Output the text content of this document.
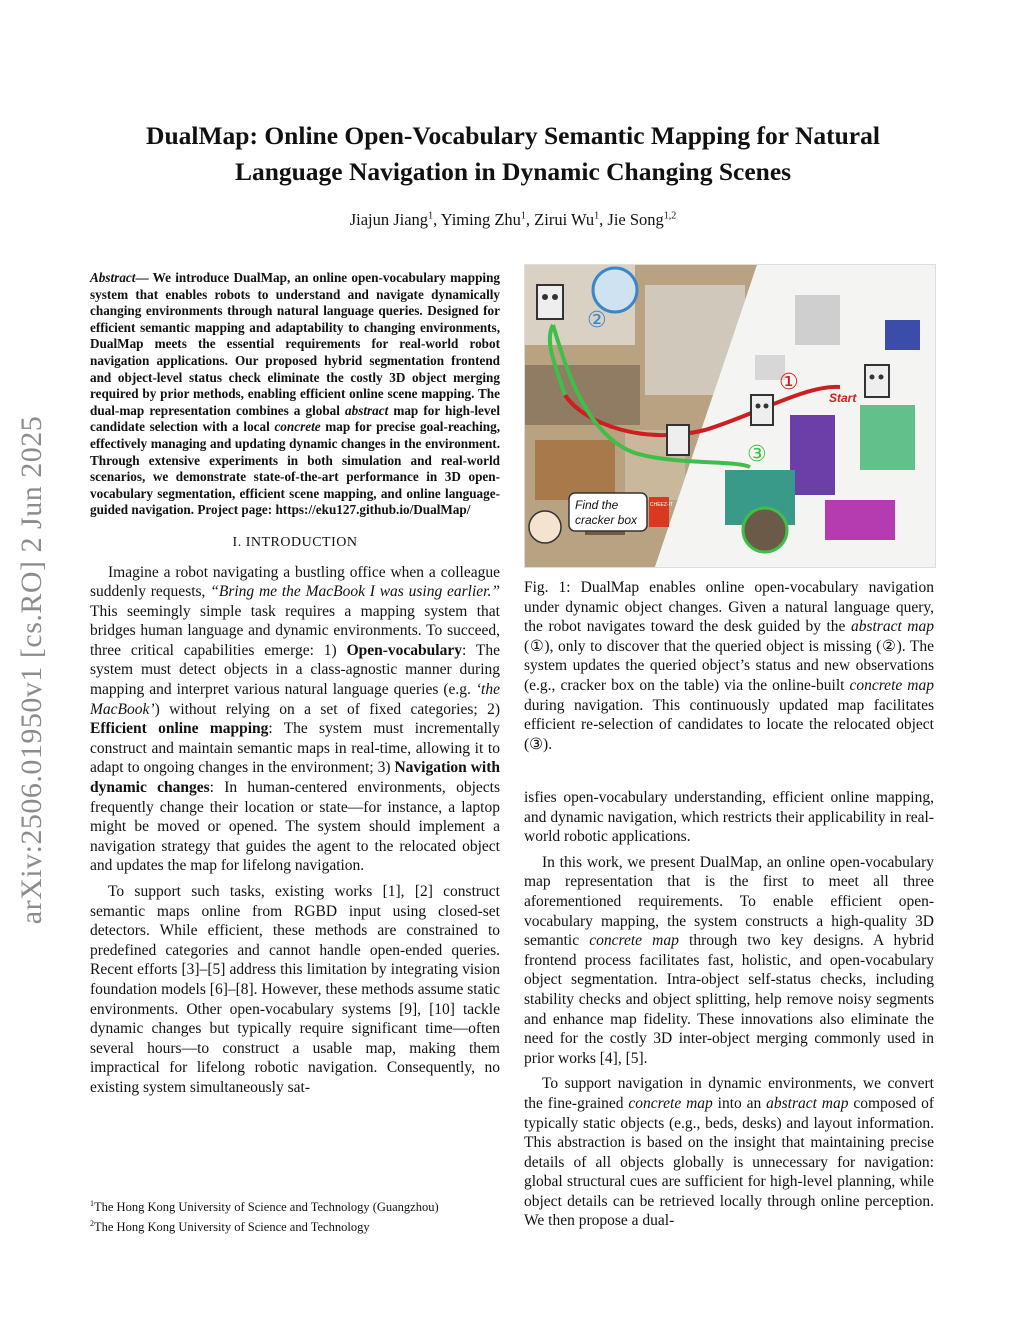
arXiv:2506.01950v1 [cs.RO] 2 Jun 2025
DualMap: Online Open-Vocabulary Semantic Mapping for Natural Language Navigation in Dynamic Changing Scenes
Jiajun Jiang$^1$, Yiming Zhu$^1$, Zirui Wu$^1$, Jie Song$^{1,2}$

Abstract— We introduce DualMap, an online open-vocabulary mapping system that enables robots to understand and navigate dynamically changing environments through natural language queries. Designed for efficient semantic mapping and adaptability to changing environments, DualMap meets the essential requirements for real-world robot navigation applications. Our proposed hybrid segmentation frontend and object-level status check eliminate the costly 3D object merging required by prior methods, enabling efficient online scene mapping. The dual-map representation combines a global abstract map for high-level candidate selection with a local concrete map for precise goal-reaching, effectively managing and updating dynamic changes in the environment. Through extensive experiments in both simulation and real-world scenarios, we demonstrate state-of-the-art performance in 3D open-vocabulary segmentation, efficient scene mapping, and online language-guided navigation. Project page: https://eku127.github.io/DualMap/

I. INTRODUCTION

Imagine a robot navigating a bustling office when a colleague suddenly requests, “Bring me the MacBook I was using earlier.” This seemingly simple task requires a mapping system that bridges human language and dynamic environments. To succeed, three critical capabilities emerge: 1) Open-vocabulary: The system must detect objects in a class-agnostic manner during mapping and interpret various natural language queries (e.g. ‘the MacBook’) without relying on a set of fixed categories; 2) Efficient online mapping: The system must incrementally construct and maintain semantic maps in real-time, allowing it to adapt to ongoing changes in the environment; 3) Navigation with dynamic changes: In human-centered environments, objects frequently change their location or state—for instance, a laptop might be moved or opened. The system should implement a navigation strategy that guides the agent to the relocated object and updates the map for lifelong navigation.

To support such tasks, existing works [1], [2] construct semantic maps online from RGBD input using closed-set detectors. While efficient, these methods are constrained to predefined categories and cannot handle open-ended queries. Recent efforts [3]–[5] address this limitation by integrating vision foundation models [6]–[8]. However, these methods assume static environments. Other open-vocabulary systems [9], [10] tackle dynamic changes but typically require significant time—often several hours—to construct a usable map, making them impractical for lifelong robotic navigation. Consequently, no existing system simultaneously sat-

$^1$The Hong Kong University of Science and Technology (Guangzhou)
$^2$The Hong Kong University of Science and Technology
①
②
③
Start
Find the
cracker box
CHEEZ-IT

Fig. 1: DualMap enables online open-vocabulary navigation under dynamic object changes. Given a natural language query, the robot navigates toward the desk guided by the abstract map (①), only to discover that the queried object is missing (②). The system updates the queried object’s status and new observations (e.g., cracker box on the table) via the online-built concrete map during navigation. This continuously updated map facilitates efficient re-selection of candidates to locate the relocated object (③).

isfies open-vocabulary understanding, efficient online mapping, and dynamic navigation, which restricts their applicability in real-world robotic applications.

In this work, we present DualMap, an online open-vocabulary map representation that is the first to meet all three aforementioned requirements. To enable efficient open-vocabulary mapping, the system constructs a high-quality 3D semantic concrete map through two key designs. A hybrid frontend process facilitates fast, holistic, and open-vocabulary object segmentation. Intra-object self-status checks, including stability checks and object splitting, help remove noisy segments and enhance map fidelity. These innovations also eliminate the need for the costly 3D inter-object merging commonly used in prior works [4], [5].

To support navigation in dynamic environments, we convert the fine-grained concrete map into an abstract map composed of typically static objects (e.g., beds, desks) and layout information. This abstraction is based on the insight that maintaining precise details of all objects globally is unnecessary for navigation: global structural cues are sufficient for high-level planning, while object details can be retrieved locally through online perception. We then propose a dual-
